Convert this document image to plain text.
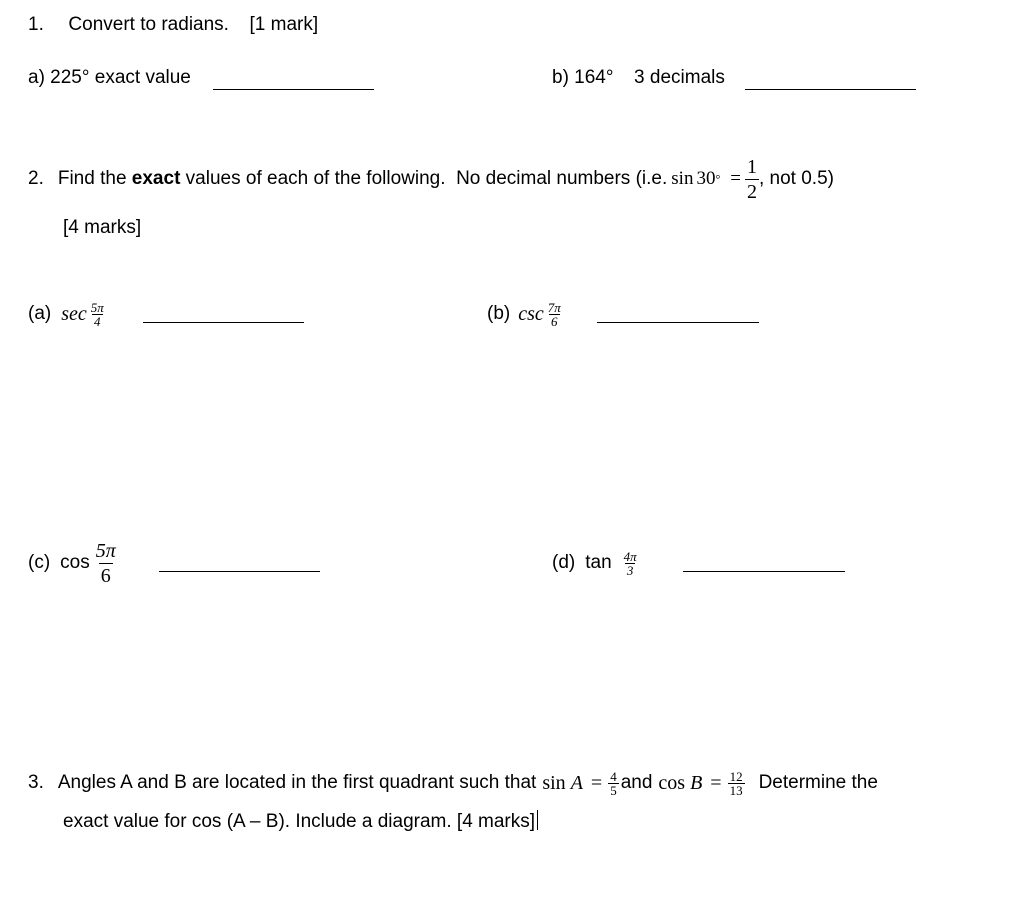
1. Convert to radians. [1 mark]
a) 225° exact value	b) 164° 3 decimals
2. Find the exact values of each of the following.  No decimal numbers (i.e. sin 30 ° = $\frac{1}{2}$ , not 0.5)
[4 marks]
(a) $\sec \frac{5\pi}{4}$	(b) $\csc \frac{7\pi}{6}$
(c) $\cos \frac{5\pi}{6}$	(d) $\tan \frac{4\pi}{3}$
3. Angles A and B are located in the first quadrant such that $\sin A = \frac{4}{5}$ and $\cos B = \frac{12}{13}$ Determine the
exact value for cos (A – B). Include a diagram. [4 marks]
